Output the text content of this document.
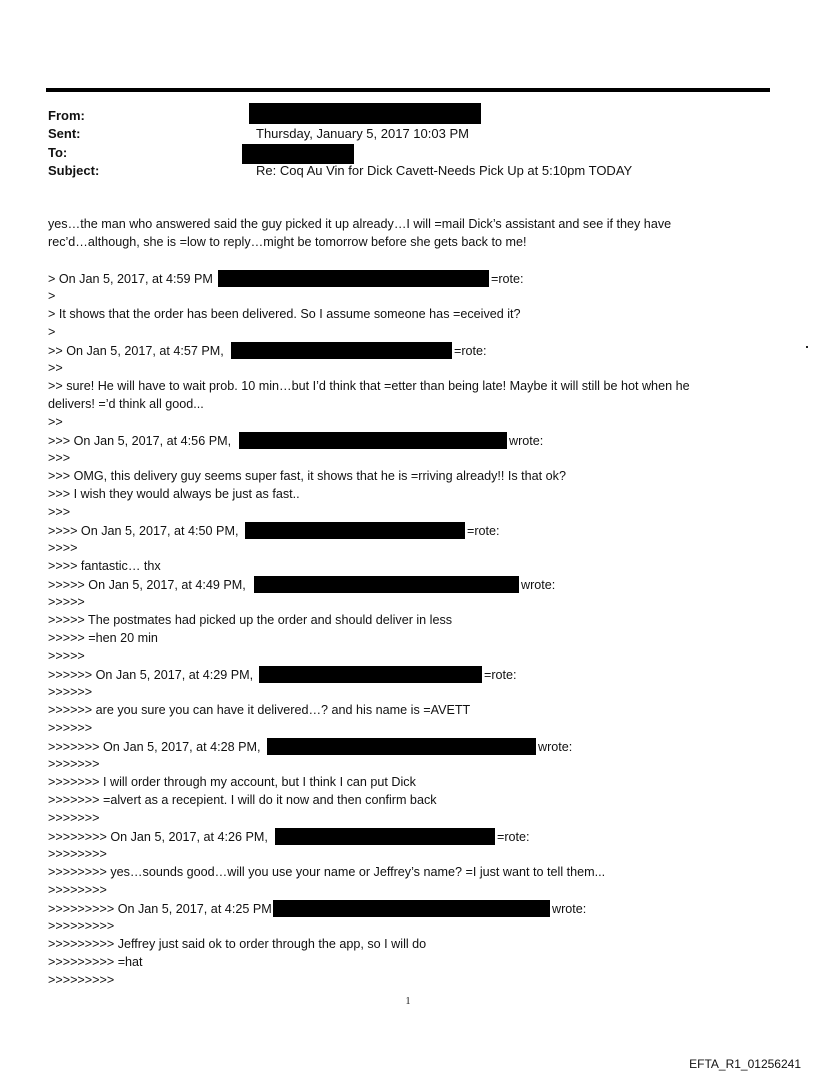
From:
Sent:	Thursday, January 5, 2017 10:03 PM
To:
Subject:	Re: Coq Au Vin for Dick Cavett-Needs Pick Up at 5:10pm TODAY
yes…the man who answered said the guy picked it up already…I will =mail Dick’s assistant and see if they have
rec’d…although, she is =low to reply…might be tomorrow before she gets back to me!
> On Jan 5, 2017, at 4:59 PM	=rote:
>
> It shows that the order has been delivered. So I assume someone has =eceived it?
>
>> On Jan 5, 2017, at 4:57 PM,	=rote:
>>
>> sure! He will have to wait prob. 10 min…but I’d think that =etter than being late! Maybe it will still be hot when he
delivers! =’d think all good...
>>
>>> On Jan 5, 2017, at 4:56 PM,	wrote:
>>>
>>> OMG, this delivery guy seems super fast, it shows that he is =rriving already!! Is that ok?
>>> I wish they would always be just as fast..
>>>
>>>> On Jan 5, 2017, at 4:50 PM,	=rote:
>>>>
>>>> fantastic… thx
>>>>> On Jan 5, 2017, at 4:49 PM,	wrote:
>>>>>
>>>>> The postmates had picked up the order and should deliver in less
>>>>> =hen 20 min
>>>>>
>>>>>> On Jan 5, 2017, at 4:29 PM,	=rote:
>>>>>>
>>>>>> are you sure you can have it delivered…? and his name is =AVETT
>>>>>>
>>>>>>> On Jan 5, 2017, at 4:28 PM,	wrote:
>>>>>>>
>>>>>>> I will order through my account, but I think I can put Dick
>>>>>>> =alvert as a recepient. I will do it now and then confirm back
>>>>>>>
>>>>>>>> On Jan 5, 2017, at 4:26 PM,	=rote:
>>>>>>>>
>>>>>>>> yes…sounds good…will you use your name or Jeffrey’s name? =I just want to tell them...
>>>>>>>>
>>>>>>>>> On Jan 5, 2017, at 4:25 PM	wrote:
>>>>>>>>>
>>>>>>>>> Jeffrey just said ok to order through the app, so I will do
>>>>>>>>> =hat
>>>>>>>>>
1
EFTA_R1_01256241
